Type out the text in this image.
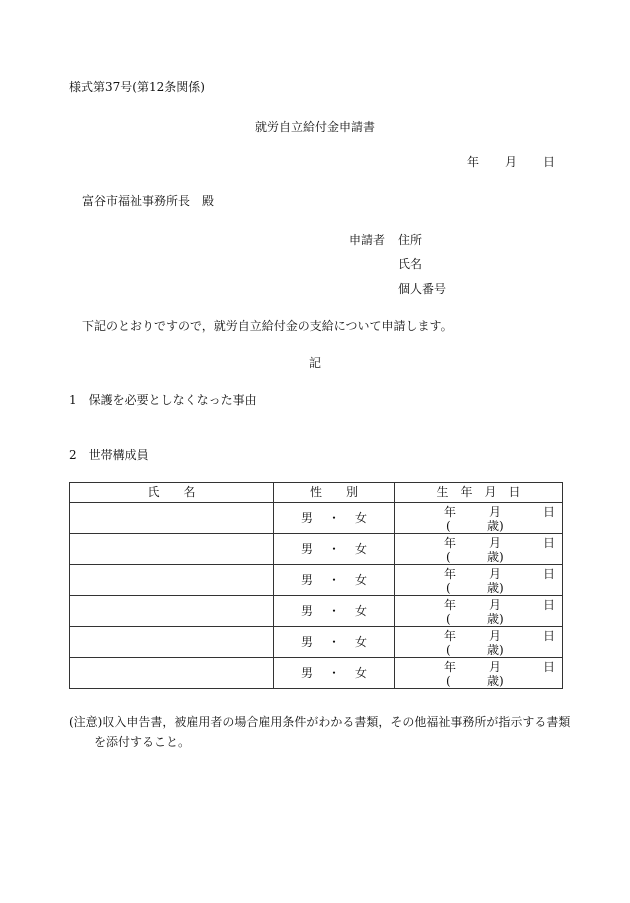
様式第37号(第12条関係)
就労自立給付金申請書
年 月 日
富谷市福祉事務所長　殿
申請者 住所
氏名
個人番号
下記のとおりですので，就労自立給付金の支給について申請します。
記
1　保護を必要としなくなった事由
2　世帯構成員
氏　　名	性　　別	生　年　月　日
	男 ・ 女	年 月 日
( 歳)

	男 ・ 女	年 月 日
( 歳)

	男 ・ 女	年 月 日
( 歳)

	男 ・ 女	年 月 日
( 歳)

	男 ・ 女	年 月 日
( 歳)

	男 ・ 女	年 月 日
( 歳)
(注意)収入申告書，被雇用者の場合雇用条件がわかる書類，その他福祉事務所が指示する書類
を添付すること。
